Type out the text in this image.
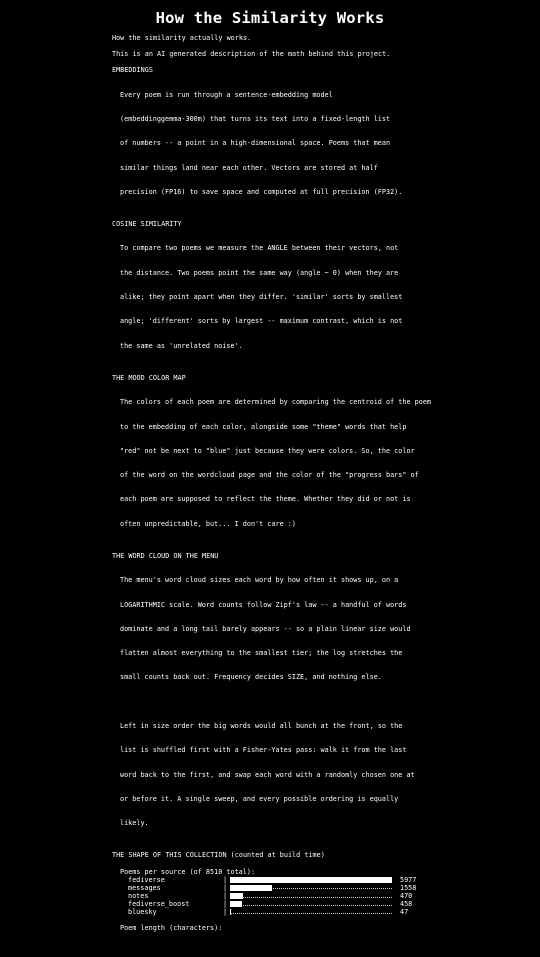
How the Similarity Works
How the similarity actually works.
This is an AI generated description of the math behind this project.
EMBEDDINGS

Every poem is run through a sentence-embedding model

(embeddinggemma-300m) that turns its text into a fixed-length list

of numbers -- a point in a high-dimensional space. Poems that mean

similar things land near each other. Vectors are stored at half

precision (FP16) to save space and computed at full precision (FP32).

COSINE SIMILARITY

To compare two poems we measure the ANGLE between their vectors, not

the distance. Two poems point the same way (angle ~ 0) when they are

alike; they point apart when they differ. 'similar' sorts by smallest

angle; 'different' sorts by largest -- maximum contrast, which is not

the same as 'unrelated noise'.

THE MOOD COLOR MAP

The colors of each poem are determined by comparing the centroid of the poem

to the embedding of each color, alongside some "theme" words that help

"red" not be next to "blue" just because they were colors. So, the color

of the word on the wordcloud page and the color of the "progress bars" of

each poem are supposed to reflect the theme. Whether they did or not is

often unpredictable, but... I don't care :)

THE WORD CLOUD ON THE MENU

The menu's word cloud sizes each word by how often it shows up, on a

LOGARITHMIC scale. Word counts follow Zipf's law -- a handful of words

dominate and a long tail barely appears -- so a plain linear size would

flatten almost everything to the smallest tier; the log stretches the

small counts back out. Frequency decides SIZE, and nothing else.

Left in size order the big words would all bunch at the front, so the

list is shuffled first with a Fisher-Yates pass: walk it from the last

word back to the first, and swap each word with a randomly chosen one at

or before it. A single sweep, and every possible ordering is equally

likely.

THE SHAPE OF THIS COLLECTION (counted at build time)
Poems per source (of 8510 total):

fediverse

	|

	5977

messages

	|

	1558

notes

	|

	470

fediverse_boost

	|

	458

bluesky

	|

	47

Poem length (characters):
